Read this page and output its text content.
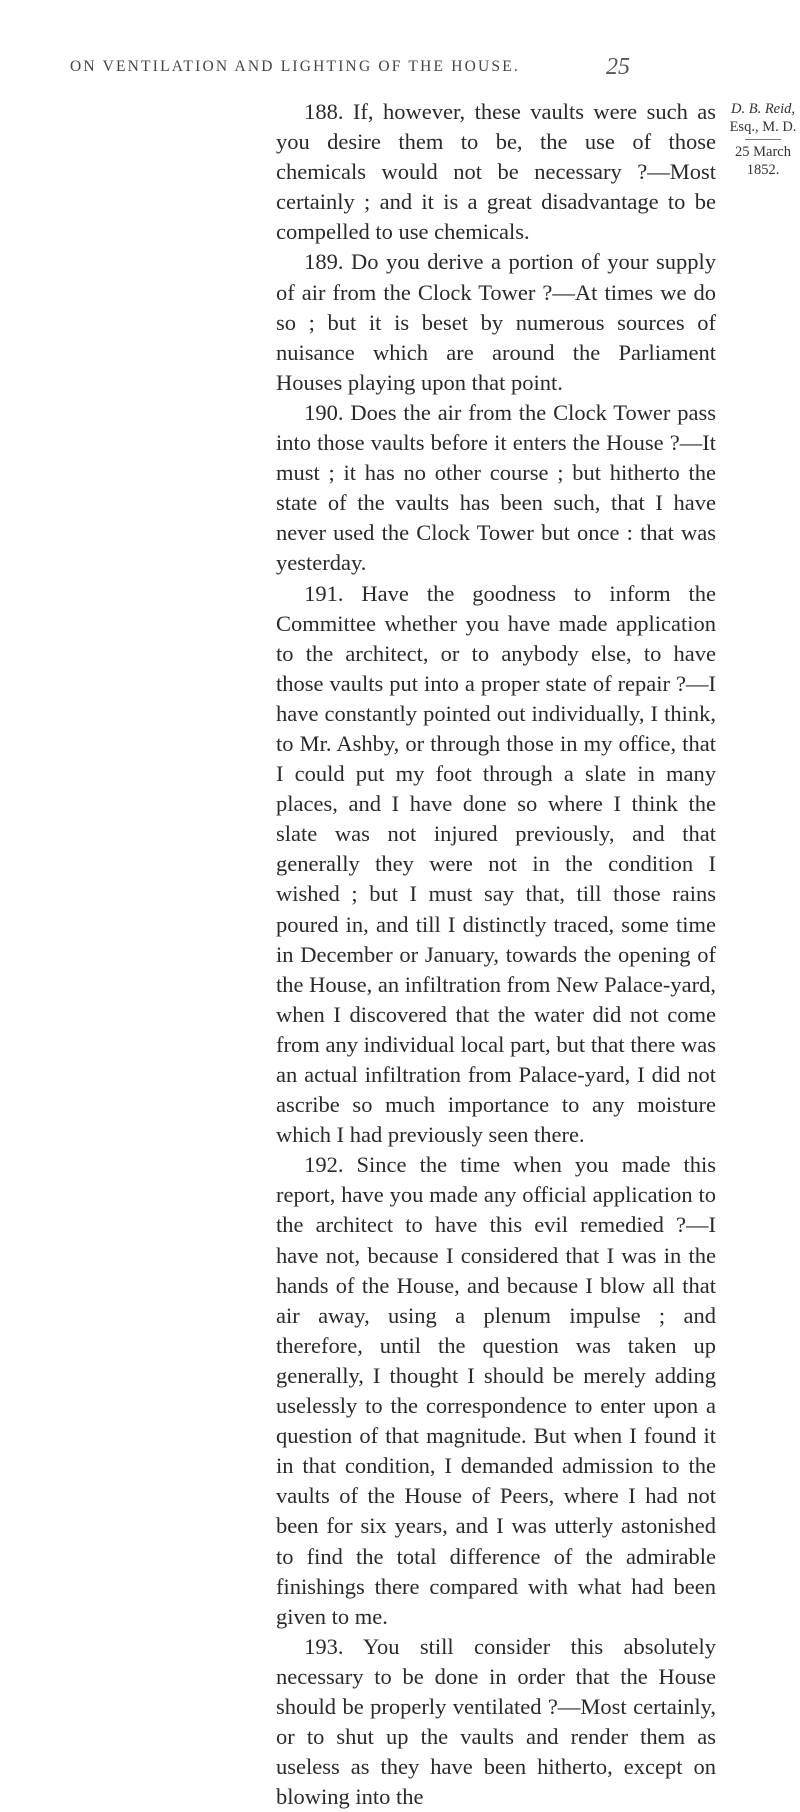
ON VENTILATION AND LIGHTING OF THE HOUSE.	25
D. B. Reid,
Esq., M. D.
25 March
1852.

188. If, however, these vaults were such as you desire them to be, the use of those chemicals would not be necessary ?—Most certainly ; and it is a great disadvantage to be compelled to use chemicals.

189. Do you derive a portion of your supply of air from the Clock Tower ?—At times we do so ; but it is beset by numerous sources of nuisance which are around the Parliament Houses playing upon that point.

190. Does the air from the Clock Tower pass into those vaults before it enters the House ?—It must ; it has no other course ; but hitherto the state of the vaults has been such, that I have never used the Clock Tower but once : that was yesterday.

191. Have the goodness to inform the Committee whether you have made application to the architect, or to anybody else, to have those vaults put into a proper state of repair ?—I have constantly pointed out individually, I think, to Mr. Ashby, or through those in my office, that I could put my foot through a slate in many places, and I have done so where I think the slate was not injured previously, and that generally they were not in the condition I wished ; but I must say that, till those rains poured in, and till I distinctly traced, some time in December or January, towards the opening of the House, an infiltration from New Palace-yard, when I discovered that the water did not come from any individual local part, but that there was an actual infiltration from Palace-yard, I did not ascribe so much importance to any moisture which I had previously seen there.

192. Since the time when you made this report, have you made any official application to the architect to have this evil remedied ?—I have not, because I considered that I was in the hands of the House, and because I blow all that air away, using a plenum impulse ; and therefore, until the question was taken up generally, I thought I should be merely adding uselessly to the correspondence to enter upon a question of that magnitude. But when I found it in that condition, I demanded admission to the vaults of the House of Peers, where I had not been for six years, and I was utterly astonished to find the total difference of the admirable finishings there compared with what had been given to me.

193. You still consider this absolutely necessary to be done in order that the House should be properly ventilated ?—Most certainly, or to shut up the vaults and render them as useless as they have been hitherto, except on blowing into the
